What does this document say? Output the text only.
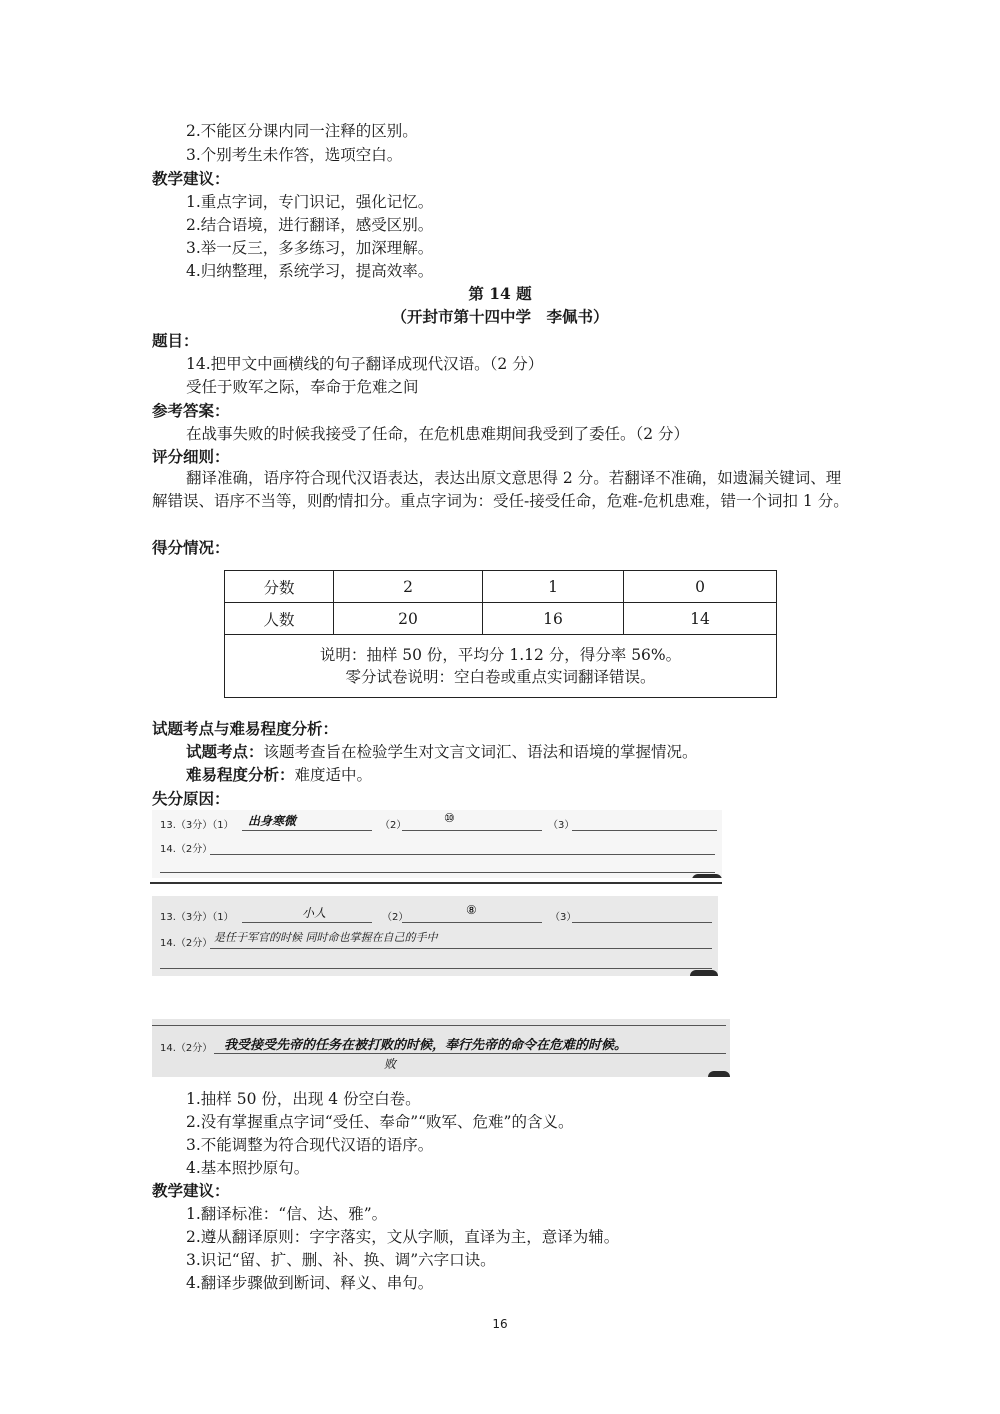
2.不能区分课内同一注释的区别。
3.个别考生未作答，选项空白。
教学建议：
1.重点字词，专门识记，强化记忆。
2.结合语境，进行翻译，感受区别。
3.举一反三，多多练习，加深理解。
4.归纳整理，系统学习，提高效率。
第 14 题
（开封市第十四中学　李佩书）
题目：
14.把甲文中画横线的句子翻译成现代汉语。（2 分）
受任于败军之际，奉命于危难之间
参考答案：
在战事失败的时候我接受了任命，在危机患难期间我受到了委任。（2 分）
评分细则：
翻译准确，语序符合现代汉语表达，表达出原文意思得 2 分。若翻译不准确，如遗漏关键词、理解错误、语序不当等，则酌情扣分。重点字词为：受任-接受任命，危难-危机患难，错一个词扣 1 分。
得分情况：
分数	2	1	0
人数	20	16	14

说明：抽样 50 份，平均分 1.12 分，得分率 56%。
零分试卷说明：空白卷或重点实词翻译错误。			
试题考点与难易程度分析：
试题考点：该题考查旨在检验学生对文言文词汇、语法和语境的掌握情况。
难易程度分析：难度适中。
失分原因：
13.（3分）（1） 出身寒微	（2）
⑩
（3）
14.（2分）
13.（3分）（1）	小人	（2）
⑧
（3）
14.（2分） 是任于军官的时候 同时命也掌握在自己的手中
14.（2分） 我受接受先帝的任务在被打败的时候，奉行先帝的命令在危难的时候。
败
1.抽样 50 份，出现 4 份空白卷。
2.没有掌握重点字词“受任、奉命”“败军、危难”的含义。
3.不能调整为符合现代汉语的语序。
4.基本照抄原句。
教学建议：
1.翻译标准：“信、达、雅”。
2.遵从翻译原则：字字落实，文从字顺，直译为主，意译为辅。
3.识记“留、扩、删、补、换、调”六字口诀。
4.翻译步骤做到断词、释义、串句。
16
